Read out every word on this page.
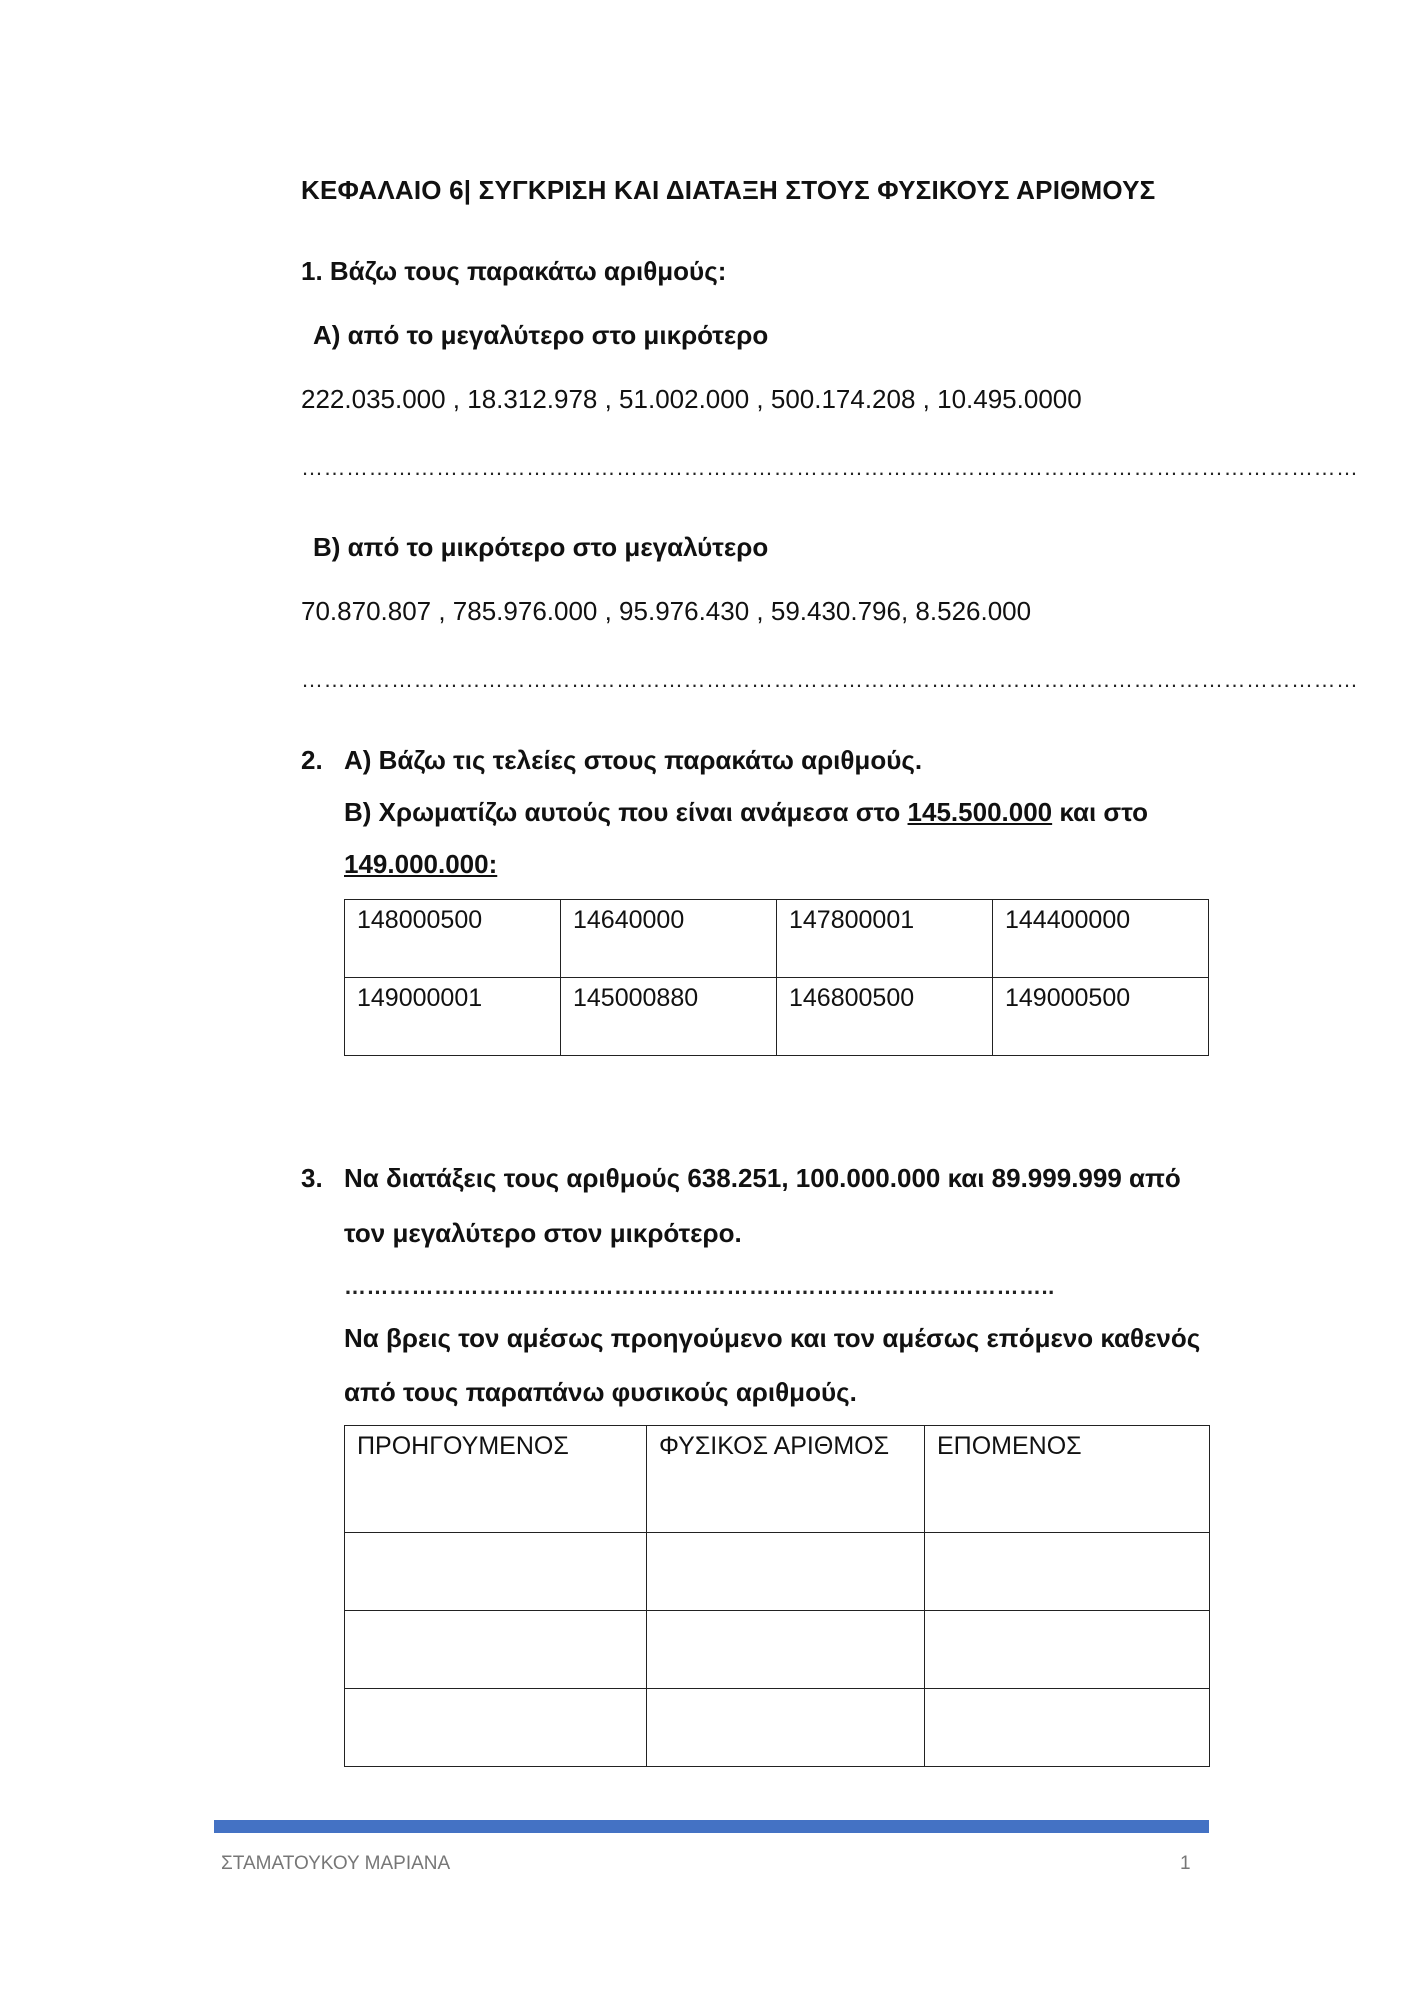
ΚΕΦΑΛΑΙΟ 6| ΣΥΓΚΡΙΣΗ ΚΑΙ ΔΙΑΤΑΞΗ ΣΤΟΥΣ ΦΥΣΙΚΟΥΣ ΑΡΙΘΜΟΥΣ
1. Βάζω τους παρακάτω αριθμούς:
Α) από το μεγαλύτερο στο μικρότερο
222.035.000 , 18.312.978 , 51.002.000 , 500.174.208 , 10.495.0000
……………………………………………………………………………………………………………………………
Β) από το μικρότερο στο μεγαλύτερο
70.870.807 , 785.976.000 , 95.976.430 , 59.430.796, 8.526.000
……………………………………………………………………………………………………………………………
2. Α) Βάζω τις τελείες στους παρακάτω αριθμούς.
Β) Χρωματίζω αυτούς που είναι ανάμεσα στο 145.500.000 και στο
149.000.000:
148000500	14640000	147800001	144400000
149000001	145000880	146800500	149000500
3. Να διατάξεις τους αριθμούς 638.251, 100.000.000 και 89.999.999 από
τον μεγαλύτερο στον μικρότερο.
…………………………………………………………………………………..
Να βρεις τον αμέσως προηγούμενο και τον αμέσως επόμενο καθενός
από τους παραπάνω φυσικούς αριθμούς.
ΠΡΟΗΓΟΥΜΕΝΟΣ	ΦΥΣΙΚΟΣ ΑΡΙΘΜΟΣ	ΕΠΟΜΕΝΟΣ

ΣΤΑΜΑΤΟΥΚΟΥ ΜΑΡΙΑΝΑ	1
